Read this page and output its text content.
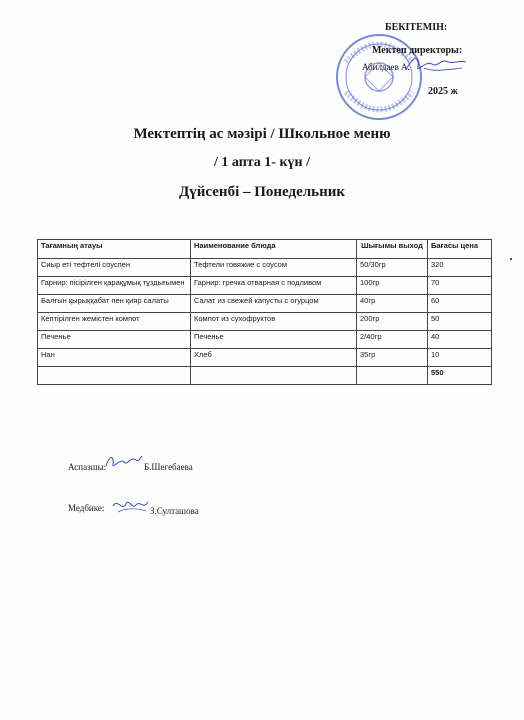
БЕКІТЕМІН:
Мектеп директоры:
Абилдаев А.
2025 ж
Мектептің ас мәзірі / Школьное меню
/ 1 апта 1- күн /
Дүйсенбі – Понедельник
Тағамның атауы	Наименование блюда	Шығымы выход	Бағасы цена
Сиыр еті тефтелі соуспен	Тефтели говяжие с соусом	50/30гр	320
Гарнир: пісірілген қарақұмық тұздығымен	Гарнир: гречка отварная с подливом	100гр	70
Балғын қырыққабат пен қияр салаты	Салат из свежей капусты с огурцом	40гр	60
Кептірілген жемістен компот	Компот из сухофруктов	200гр	50
Печенье	Печенье	2/40гр	40
Нан	Хлеб	35гр	10
			550
Аспазшы:	Б.Шегебаева
Медбике:	З.Султашова
